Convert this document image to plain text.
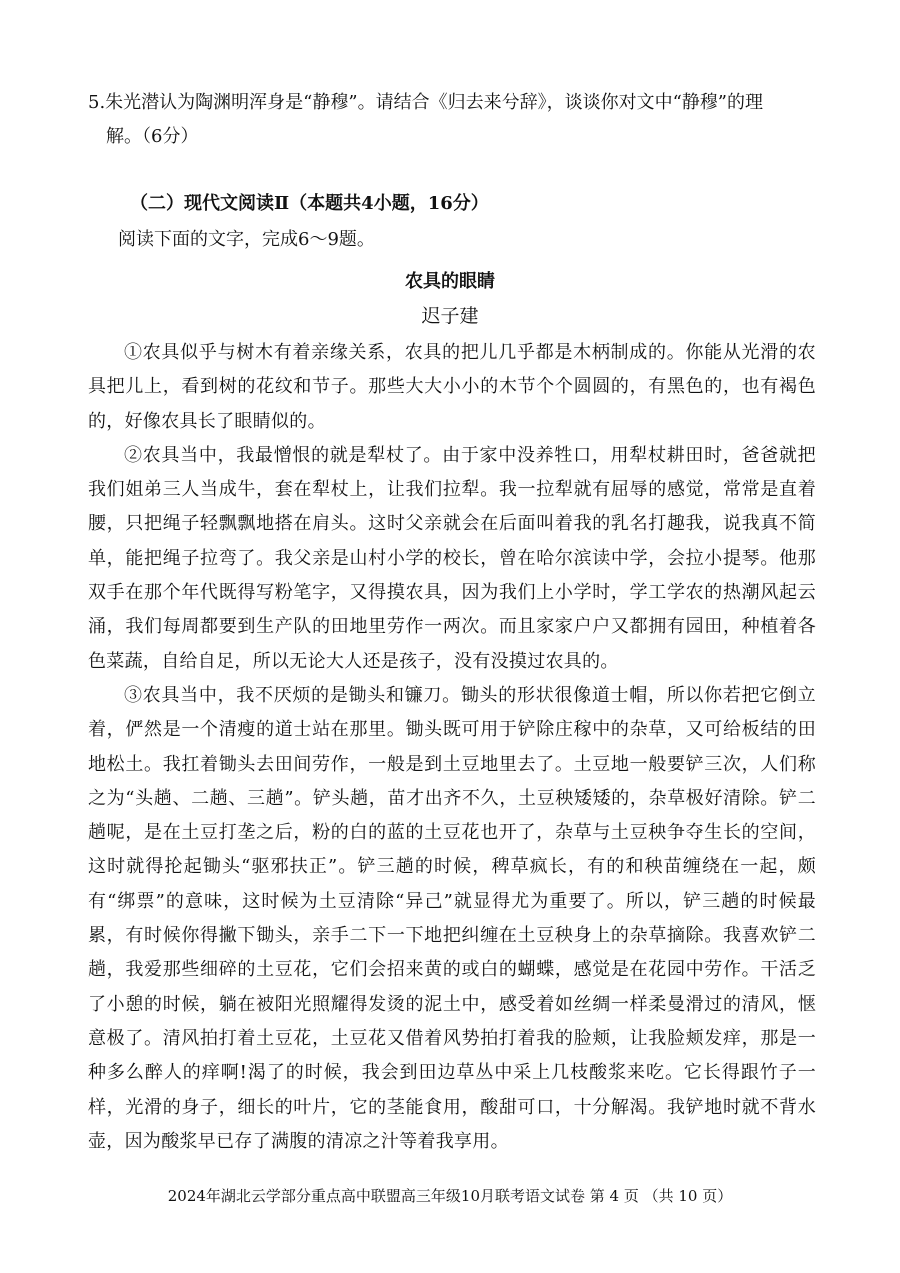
5.朱光潜认为陶渊明浑身是“静穆”。请结合《归去来兮辞》，谈谈你对文中“静穆”的理
解。（6分）
（二）现代文阅读Ⅱ（本题共4小题，16分）
阅读下面的文字，完成6～9题。
农具的眼睛
迟子建

①农具似乎与树木有着亲缘关系，农具的把儿几乎都是木柄制成的。你能从光滑的农具把儿上，看到树的花纹和节子。那些大大小小的木节个个圆圆的，有黑色的，也有褐色的，好像农具长了眼睛似的。

②农具当中，我最憎恨的就是犁杖了。由于家中没养牲口，用犁杖耕田时，爸爸就把我们姐弟三人当成牛，套在犁杖上，让我们拉犁。我一拉犁就有屈辱的感觉，常常是直着腰，只把绳子轻飘飘地搭在肩头。这时父亲就会在后面叫着我的乳名打趣我，说我真不简单，能把绳子拉弯了。我父亲是山村小学的校长，曾在哈尔滨读中学，会拉小提琴。他那双手在那个年代既得写粉笔字，又得摸农具，因为我们上小学时，学工学农的热潮风起云涌，我们每周都要到生产队的田地里劳作一两次。而且家家户户又都拥有园田，种植着各色菜蔬，自给自足，所以无论大人还是孩子，没有没摸过农具的。

③农具当中，我不厌烦的是锄头和镰刀。锄头的形状很像道士帽，所以你若把它倒立着，俨然是一个清瘦的道士站在那里。锄头既可用于铲除庄稼中的杂草，又可给板结的田地松土。我扛着锄头去田间劳作，一般是到土豆地里去了。土豆地一般要铲三次，人们称之为“头趟、二趟、三趟”。铲头趟，苗才出齐不久，土豆秧矮矮的，杂草极好清除。铲二趟呢，是在土豆打垄之后，粉的白的蓝的土豆花也开了，杂草与土豆秧争夺生长的空间，这时就得抡起锄头“驱邪扶正”。铲三趟的时候，稗草疯长，有的和秧苗缠绕在一起，颇有“绑票”的意味，这时候为土豆清除“异己”就显得尤为重要了。所以，铲三趟的时候最累，有时候你得撇下锄头，亲手二下一下地把纠缠在土豆秧身上的杂草摘除。我喜欢铲二趟，我爱那些细碎的土豆花，它们会招来黄的或白的蝴蝶，感觉是在花园中劳作。干活乏了小憩的时候，躺在被阳光照耀得发烫的泥土中，感受着如丝绸一样柔曼滑过的清风，惬意极了。清风拍打着土豆花，土豆花又借着风势拍打着我的脸颊，让我脸颊发痒，那是一种多么醉人的痒啊!渴了的时候，我会到田边草丛中采上几枝酸浆来吃。它长得跟竹子一样，光滑的身子，细长的叶片，它的茎能食用，酸甜可口，十分解渴。我铲地时就不背水壶，因为酸浆早已存了满腹的清凉之汁等着我享用。

2024年湖北云学部分重点高中联盟高三年级10月联考语文试卷 第 4 页 （共 10 页）
